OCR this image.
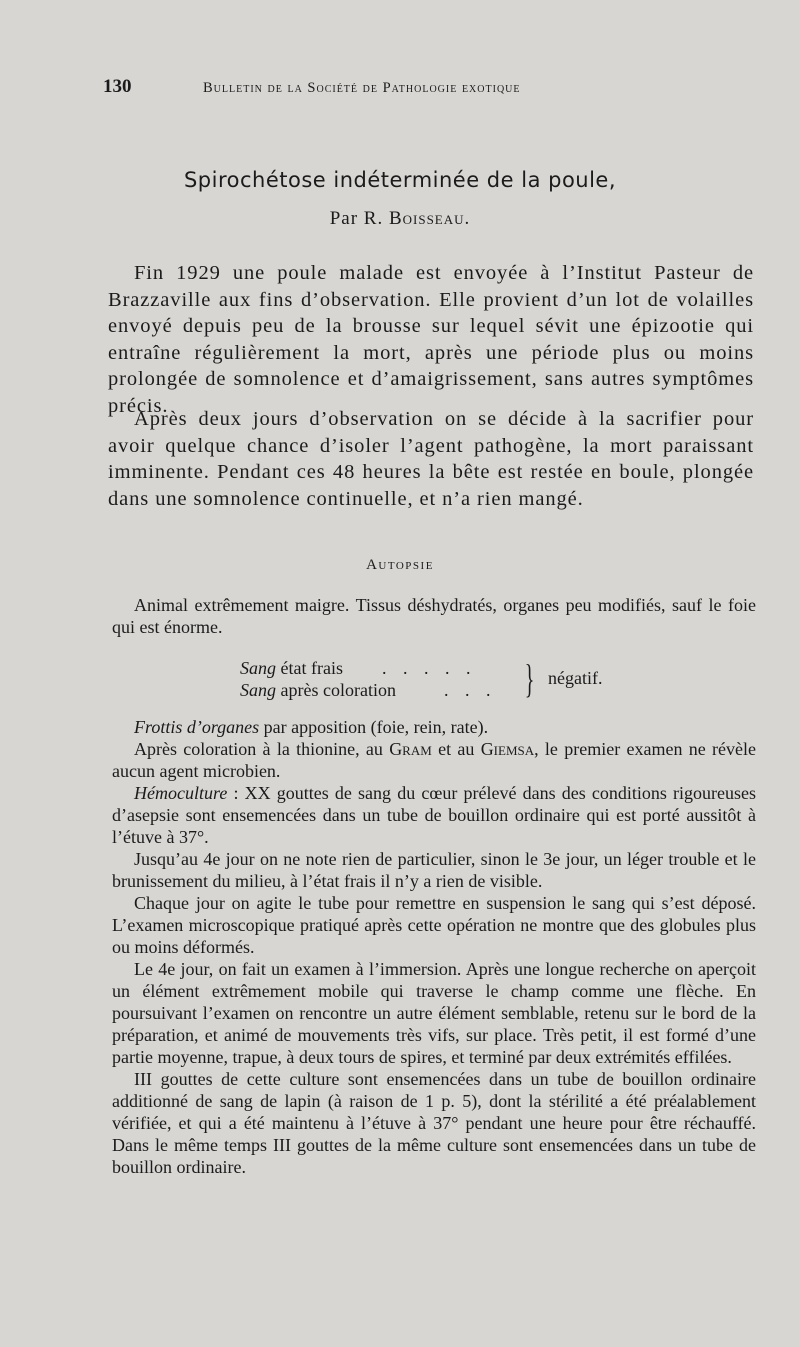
130	Bulletin de la Société de Pathologie exotique
Spirochétose indéterminée de la poule,
Par R. Boisseau.

Fin 1929 une poule malade est envoyée à l’Institut Pasteur de Brazzaville aux fins d’observation. Elle provient d’un lot de volailles envoyé depuis peu de la brousse sur lequel sévit une épizootie qui entraîne régulièrement la mort, après une période plus ou moins prolongée de somnolence et d’amaigrissement, sans autres symptômes précis.

Après deux jours d’observation on se décide à la sacrifier pour avoir quelque chance d’isoler l’agent pathogène, la mort paraissant imminente. Pendant ces 48 heures la bête est restée en boule, plongée dans une somnolence continuelle, et n’a rien mangé.

Autopsie

Animal extrêmement maigre. Tissus déshydratés, organes peu modifiés, sauf le foie qui est énorme.

Sang état frais . . . . .
Sang après coloration	. . . } négatif.

Frottis d’organes par apposition (foie, rein, rate).

Après coloration à la thionine, au Gram et au Giemsa, le premier examen ne révèle aucun agent microbien.

Hémoculture : XX gouttes de sang du cœur prélevé dans des conditions rigoureuses d’asepsie sont ensemencées dans un tube de bouillon ordinaire qui est porté aussitôt à l’étuve à 37°.

Jusqu’au 4e jour on ne note rien de particulier, sinon le 3e jour, un léger trouble et le brunissement du milieu, à l’état frais il n’y a rien de visible.

Chaque jour on agite le tube pour remettre en suspension le sang qui s’est déposé. L’examen microscopique pratiqué après cette opération ne montre que des globules plus ou moins déformés.

Le 4e jour, on fait un examen à l’immersion. Après une longue recherche on aperçoit un élément extrêmement mobile qui traverse le champ comme une flèche. En poursuivant l’examen on rencontre un autre élément semblable, retenu sur le bord de la préparation, et animé de mouvements très vifs, sur place. Très petit, il est formé d’une partie moyenne, trapue, à deux tours de spires, et terminé par deux extrémités effilées.

III gouttes de cette culture sont ensemencées dans un tube de bouillon ordinaire additionné de sang de lapin (à raison de 1 p. 5), dont la stérilité a été préalablement vérifiée, et qui a été maintenu à l’étuve à 37° pendant une heure pour être réchauffé. Dans le même temps III gouttes de la même culture sont ensemencées dans un tube de bouillon ordinaire.
